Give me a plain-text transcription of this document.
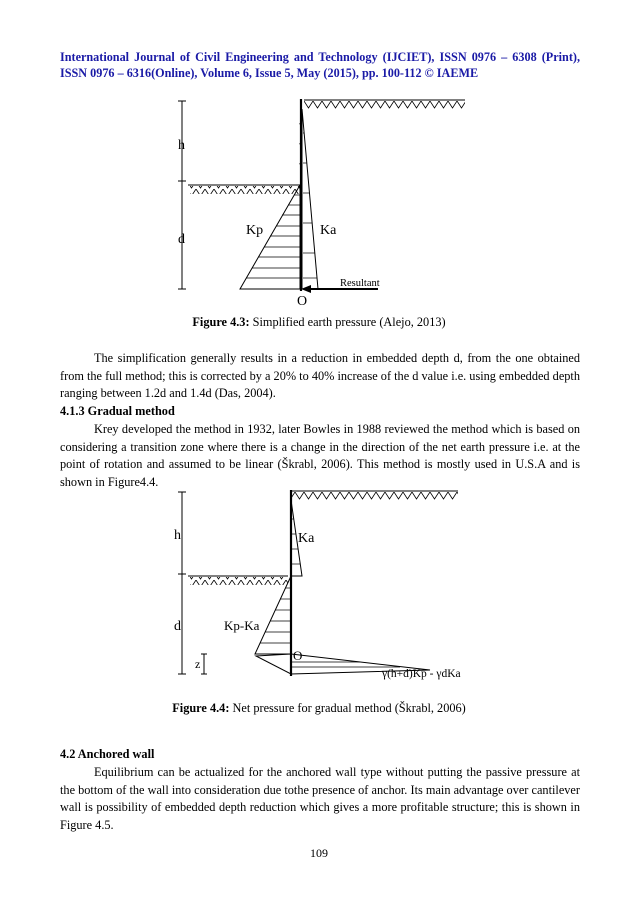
International Journal of Civil Engineering and Technology (IJCIET), ISSN 0976 – 6308 (Print),
ISSN 0976 – 6316(Online), Volume 6, Issue 5, May (2015), pp. 100-112 © IAEME
h
d
Resultant
Kp	Ka
O
Figure 4.3: Simplified earth pressure (Alejo, 2013)
The simplification generally results in a reduction in embedded depth d, from the one obtained from the full method; this is corrected by a 20% to 40% increase of the d value i.e. using embedded depth ranging between 1.2d and 1.4d (Das, 2004).
4.1.3 Gradual method
Krey developed the method in 1932, later Bowles in 1988 reviewed the method which is based on considering a transition zone where there is a change in the direction of the net earth pressure i.e. at the point of rotation and assumed to be linear (Škrabl, 2006). This method is mostly used in U.S.A and is shown in Figure4.4.
h
d
z
Ka
Kp-Ka
O
γ(h+d)Kp - γdKa
Figure 4.4: Net pressure for gradual method (Škrabl, 2006)
4.2 Anchored wall
Equilibrium can be actualized for the anchored wall type without putting the passive pressure at the bottom of the wall into consideration due tothe presence of anchor. Its main advantage over cantilever wall is possibility of embedded depth reduction which gives a more profitable structure; this is shown in Figure 4.5.
109
